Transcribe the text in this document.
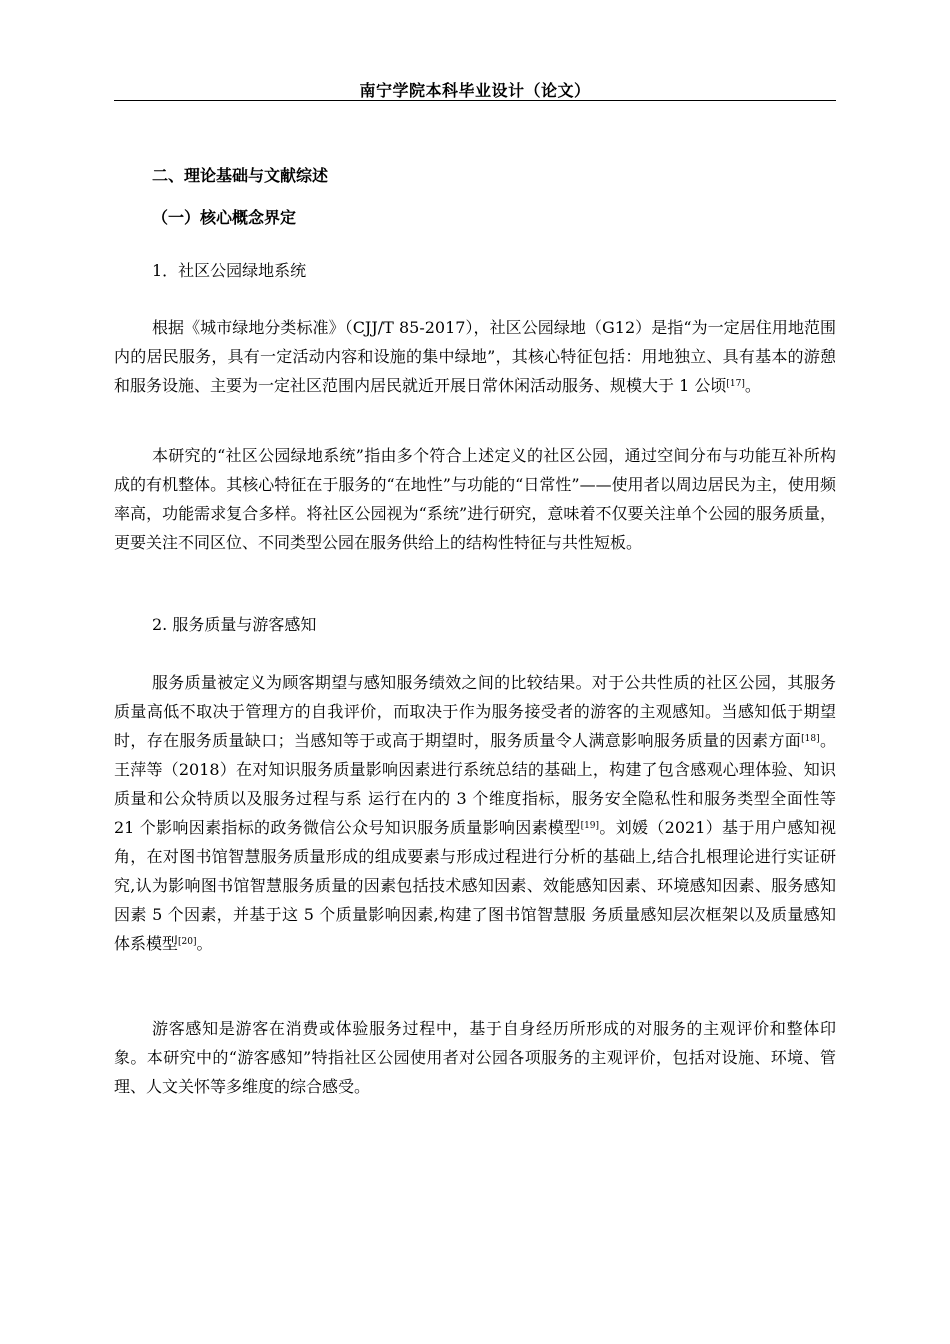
南宁学院本科毕业设计（论文）
二、理论基础与文献综述
（一）核心概念界定
1．社区公园绿地系统

根据《城市绿地分类标准》（CJJ/T 85-2017），社区公园绿地（G12）是指“为一定居住用地范围内的居民服务，具有一定活动内容和设施的集中绿地”，其核心特征包括：用地独立、具有基本的游憩和服务设施、主要为一定社区范围内居民就近开展日常休闲活动服务、规模大于 1 公顷[17]。

本研究的“社区公园绿地系统”指由多个符合上述定义的社区公园，通过空间分布与功能互补所构成的有机整体。其核心特征在于服务的“在地性”与功能的“日常性”——使用者以周边居民为主，使用频率高，功能需求复合多样。将社区公园视为“系统”进行研究，意味着不仅要关注单个公园的服务质量，更要关注不同区位、不同类型公园在服务供给上的结构性特征与共性短板。

2. 服务质量与游客感知

服务质量被定义为顾客期望与感知服务绩效之间的比较结果。对于公共性质的社区公园，其服务质量高低不取决于管理方的自我评价，而取决于作为服务接受者的游客的主观感知。当感知低于期望时，存在服务质量缺口；当感知等于或高于期望时，服务质量令人满意影响服务质量的因素方面[18]。王萍等（2018）在对知识服务质量影响因素进行系统总结的基础上，构建了包含感观心理体验、知识质量和公众特质以及服务过程与系 运行在内的 3 个维度指标，服务安全隐私性和服务类型全面性等 21 个影响因素指标的政务微信公众号知识服务质量影响因素模型[19]。刘媛（2021）基于用户感知视角，在对图书馆智慧服务质量形成的组成要素与形成过程进行分析的基础上,结合扎根理论进行实证研究,认为影响图书馆智慧服务质量的因素包括技术感知因素、效能感知因素、环境感知因素、服务感知因素 5 个因素，并基于这 5 个质量影响因素,构建了图书馆智慧服 务质量感知层次框架以及质量感知体系模型[20]。

游客感知是游客在消费或体验服务过程中，基于自身经历所形成的对服务的主观评价和整体印象。本研究中的“游客感知”特指社区公园使用者对公园各项服务的主观评价，包括对设施、环境、管理、人文关怀等多维度的综合感受。
